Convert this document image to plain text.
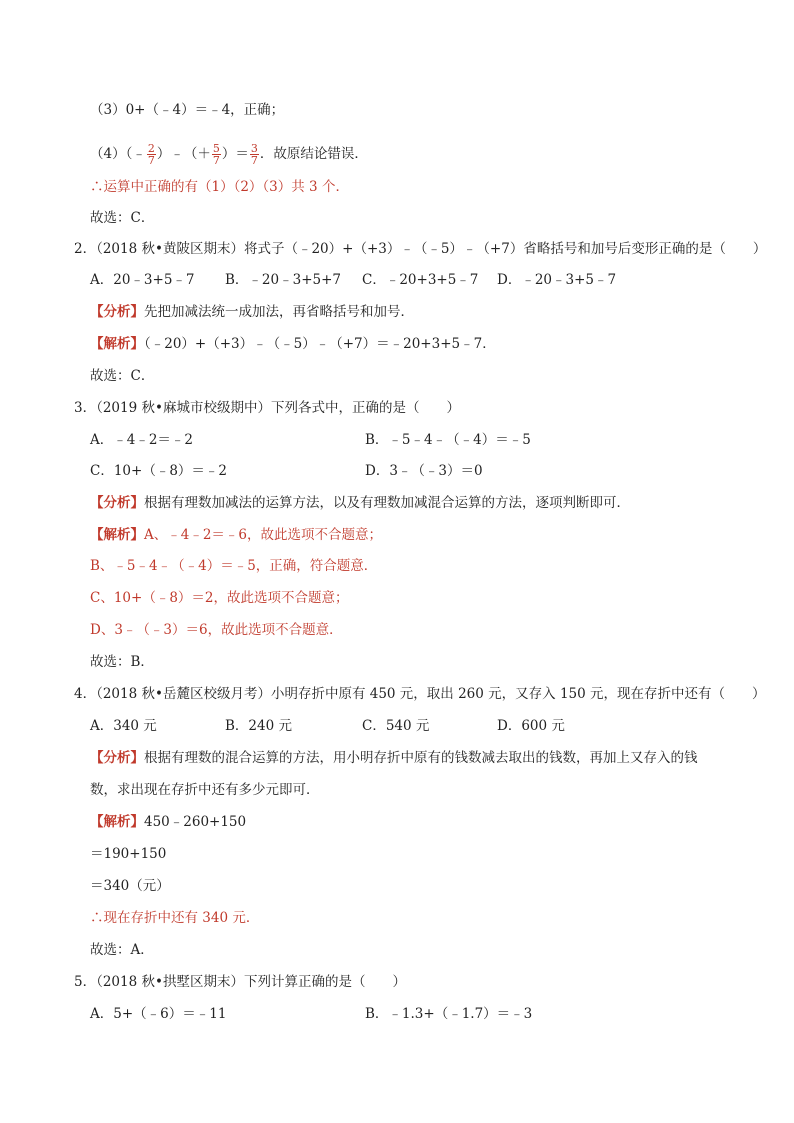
（3）0+（﹣4）＝﹣4，正确；
（4）（﹣ $\frac{2}{7}$ ）﹣（＋ $\frac{5}{7}$ ）＝ $\frac{3}{7}$ ．故原结论错误．
∴运算中正确的有（1）（2）（3）共 3 个．
故选：C．
2．（2018 秋•黄陂区期末）将式子（﹣20）+（+3）﹣（﹣5）﹣（+7）省略括号和加号后变形正确的是（　　）
A．20﹣3+5﹣7 B．﹣20﹣3+5+7 C．﹣20+3+5﹣7 D．﹣20﹣3+5﹣7
【分析】先把加减法统一成加法，再省略括号和加号．
【解析】（﹣20）+（+3）﹣（﹣5）﹣（+7）＝﹣20+3+5﹣7．
故选：C．
3．（2019 秋•麻城市校级期中）下列各式中，正确的是（　　）
A．﹣4﹣2＝﹣2	B．﹣5﹣4﹣（﹣4）＝﹣5
C．10+（﹣8）＝﹣2	D．3﹣（﹣3）＝0
【分析】根据有理数加减法的运算方法，以及有理数加减混合运算的方法，逐项判断即可．
【解析】A、﹣4﹣2＝﹣6，故此选项不合题意；
B、﹣5﹣4﹣（﹣4）＝﹣5，正确，符合题意．
C、10+（﹣8）＝2，故此选项不合题意；
D、3﹣（﹣3）＝6，故此选项不合题意．
故选：B．
4．（2018 秋•岳麓区校级月考）小明存折中原有 450 元，取出 260 元，又存入 150 元，现在存折中还有（　　）
A．340 元	B．240 元	C．540 元	D．600 元
【分析】根据有理数的混合运算的方法，用小明存折中原有的钱数减去取出的钱数，再加上又存入的钱
数，求出现在存折中还有多少元即可．
【解析】450﹣260+150
＝190+150
＝340（元）
∴现在存折中还有 340 元．
故选：A．
5．（2018 秋•拱墅区期末）下列计算正确的是（　　）
A．5+（﹣6）＝﹣11	B．﹣1.3+（﹣1.7）＝﹣3
